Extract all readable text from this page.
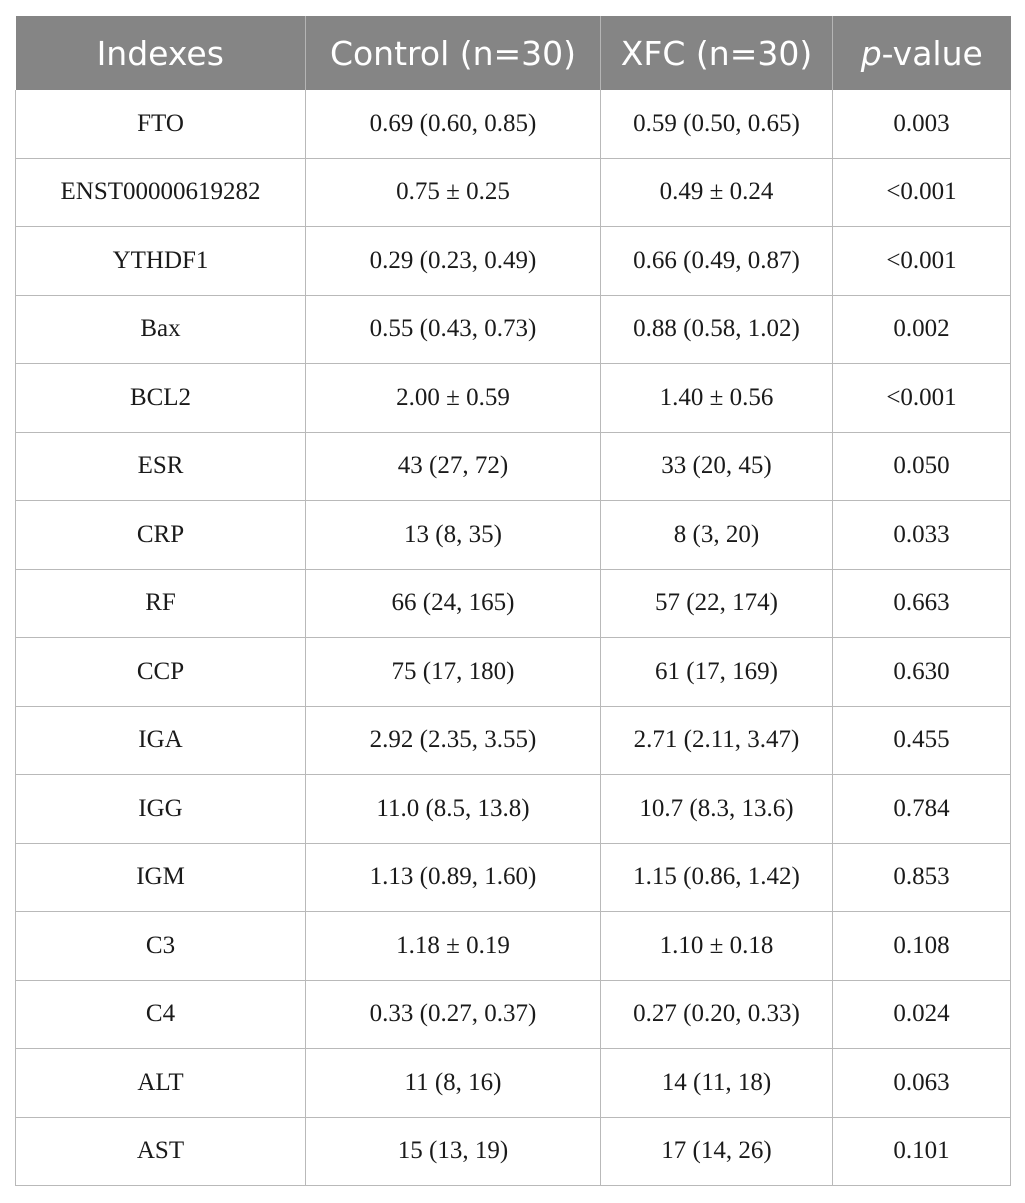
Indexes	Control (n=30)	XFC (n=30)	p-value
FTO	0.69 (0.60, 0.85)	0.59 (0.50, 0.65)	0.003
ENST00000619282	0.75 ± 0.25	0.49 ± 0.24	<0.001
YTHDF1	0.29 (0.23, 0.49)	0.66 (0.49, 0.87)	<0.001
Bax	0.55 (0.43, 0.73)	0.88 (0.58, 1.02)	0.002
BCL2	2.00 ± 0.59	1.40 ± 0.56	<0.001
ESR	43 (27, 72)	33 (20, 45)	0.050
CRP	13 (8, 35)	8 (3, 20)	0.033
RF	66 (24, 165)	57 (22, 174)	0.663
CCP	75 (17, 180)	61 (17, 169)	0.630
IGA	2.92 (2.35, 3.55)	2.71 (2.11, 3.47)	0.455
IGG	11.0 (8.5, 13.8)	10.7 (8.3, 13.6)	0.784
IGM	1.13 (0.89, 1.60)	1.15 (0.86, 1.42)	0.853
C3	1.18 ± 0.19	1.10 ± 0.18	0.108
C4	0.33 (0.27, 0.37)	0.27 (0.20, 0.33)	0.024
ALT	11 (8, 16)	14 (11, 18)	0.063
AST	15 (13, 19)	17 (14, 26)	0.101
